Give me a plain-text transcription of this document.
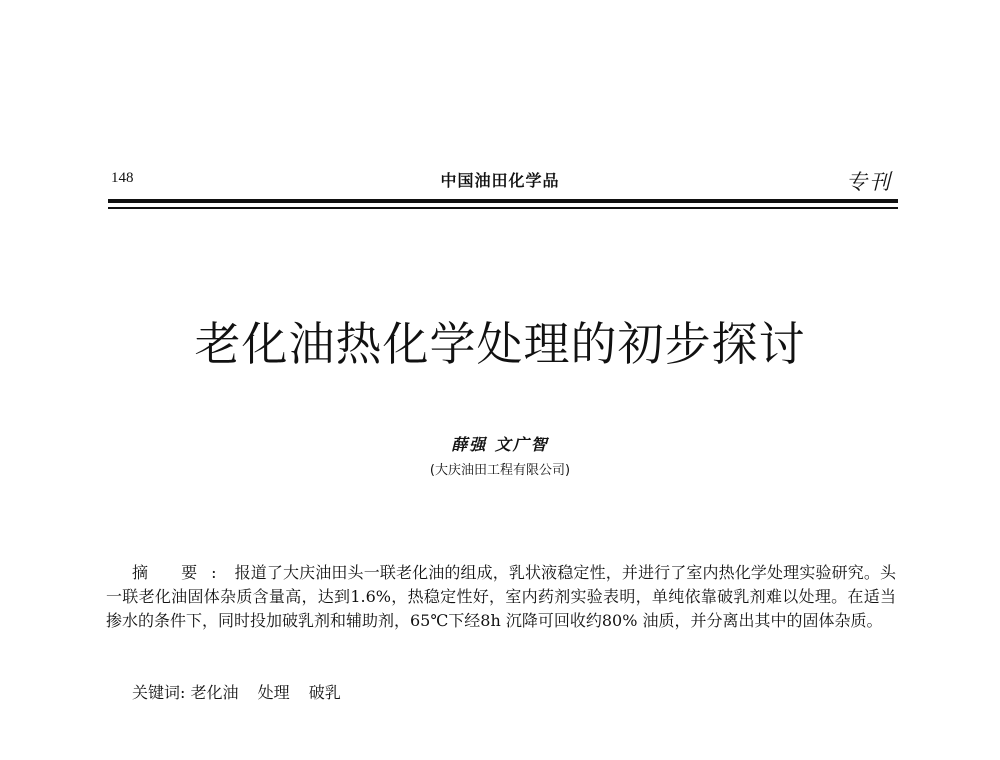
148	中国油田化学品	专刊
老化油热化学处理的初步探讨
薛强 文广智
(大庆油田工程有限公司)

摘 要: 报道了大庆油田头一联老化油的组成，乳状液稳定性，并进行了室内热化学处理实验研究。头一联老化油固体杂质含量高，达到1.6%，热稳定性好，室内药剂实验表明，单纯依靠破乳剂难以处理。在适当掺水的条件下，同时投加破乳剂和辅助剂，65℃下经8h 沉降可回收约80% 油质，并分离出其中的固体杂质。

关键词: 老化油 处理 破乳
